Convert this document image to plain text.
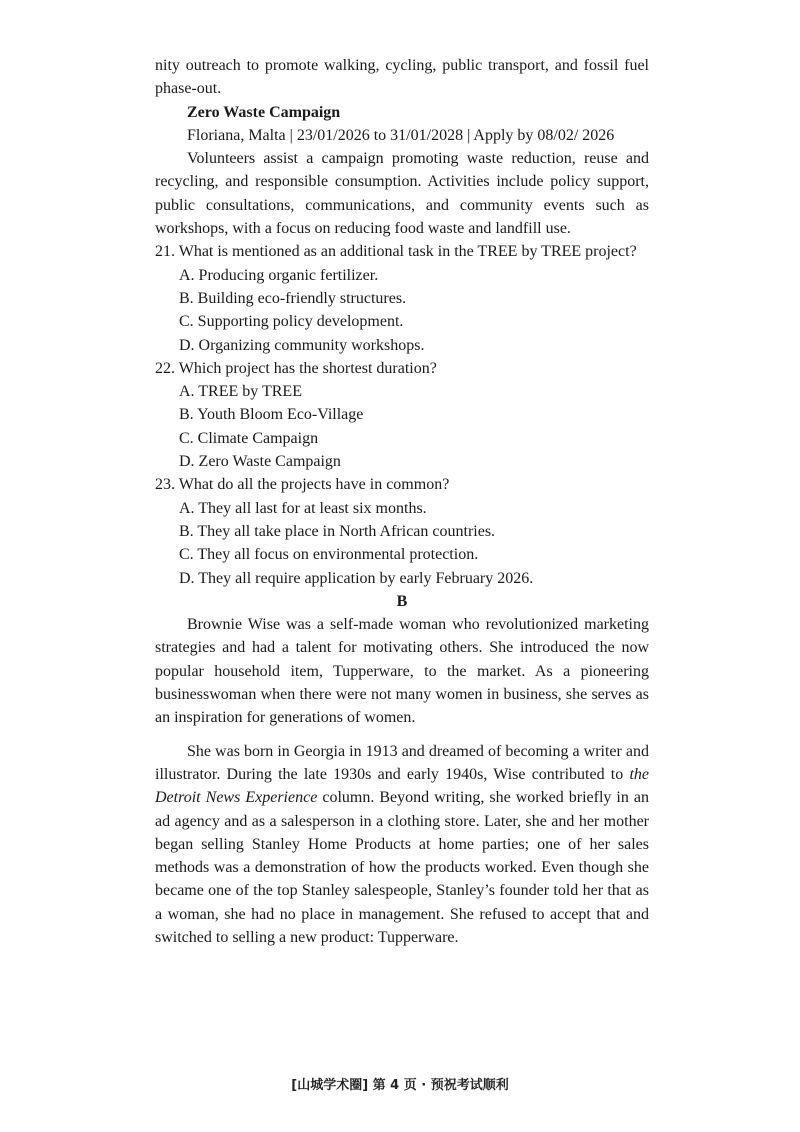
nity outreach to promote walking, cycling, public transport, and fossil fuel phase-out.

Zero Waste Campaign

Floriana, Malta | 23/01/2026 to 31/01/2028 | Apply by 08/02/ 2026

Volunteers assist a campaign promoting waste reduction, reuse and recycling, and responsible consumption. Activities include policy support, public consultations, communications, and community events such as workshops, with a focus on reducing food waste and landfill use.

21. What is mentioned as an additional task in the TREE by TREE project?

A. Producing organic fertilizer.

B. Building eco-friendly structures.

C. Supporting policy development.

D. Organizing community workshops.

22. Which project has the shortest duration?

A. TREE by TREE

B. Youth Bloom Eco-Village

C. Climate Campaign

D. Zero Waste Campaign

23. What do all the projects have in common?

A. They all last for at least six months.

B. They all take place in North African countries.

C. They all focus on environmental protection.

D. They all require application by early February 2026.

B

Brownie Wise was a self-made woman who revolutionized marketing strategies and had a talent for motivating others. She introduced the now popular household item, Tupperware, to the market. As a pioneering businesswoman when there were not many women in business, she serves as an inspiration for generations of women.

She was born in Georgia in 1913 and dreamed of becoming a writer and illustrator. During the late 1930s and early 1940s, Wise contributed to the Detroit News Experience column. Beyond writing, she worked briefly in an ad agency and as a salesperson in a clothing store. Later, she and her mother began selling Stanley Home Products at home parties; one of her sales methods was a demonstration of how the products worked. Even though she became one of the top Stanley salespeople, Stanley’s founder told her that as a woman, she had no place in management. She refused to accept that and switched to selling a new product: Tupperware.

[山城学术圈] 第 4 页 · 预祝考试顺利
